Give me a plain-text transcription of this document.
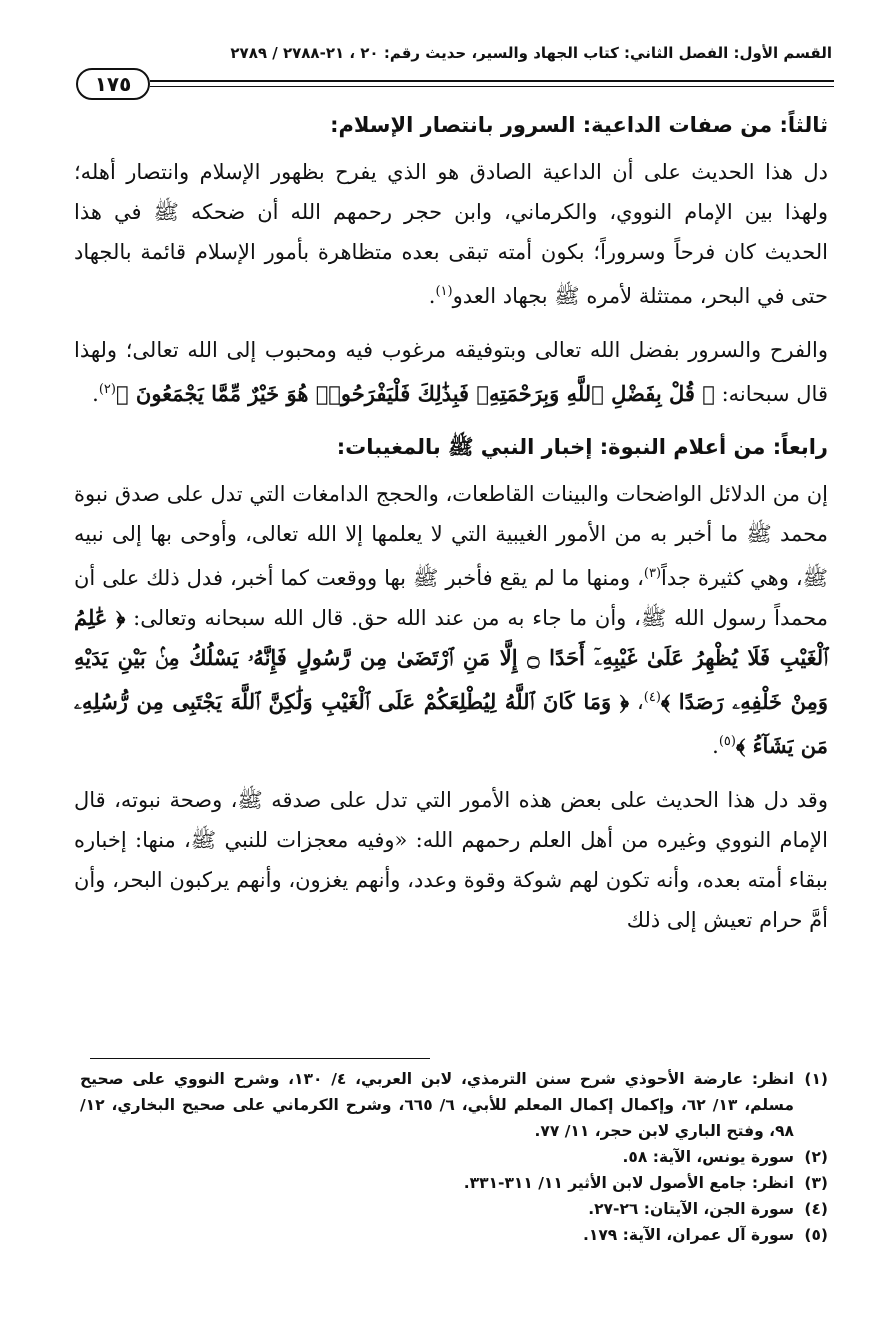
القسم الأول: الفصل الثاني: كتاب الجهاد والسير، حديث رقم: ٢٠ ، ٢١-٢٧٨٨ / ٢٧٨٩
١٧٥
ثالثاً: من صفات الداعية: السرور بانتصار الإسلام:

دل هذا الحديث على أن الداعية الصادق هو الذي يفرح بظهور الإسلام وانتصار أهله؛ ولهذا بين الإمام النووي، والكرماني، وابن حجر رحمهم الله أن ضحكه ﷺ في هذا الحديث كان فرحاً وسروراً؛ بكون أمته تبقى بعده متظاهرة بأمور الإسلام قائمة بالجهاد حتى في البحر، ممتثلة لأمره ﷺ بجهاد العدو$^{(١)}$.

والفرح والسرور بفضل الله تعالى وبتوفيقه مرغوب فيه ومحبوب إلى الله تعالى؛ ولهذا قال سبحانه: ﴿ قُلْ بِفَضْلِ ٱللَّهِ وَبِرَحْمَتِهِۦ فَبِذَٰلِكَ فَلْيَفْرَحُوا۟ هُوَ خَيْرٌ مِّمَّا يَجْمَعُونَ ﴾$^{(٢)}$.

رابعاً: من أعلام النبوة: إخبار النبي ﷺ بالمغيبات:

إن من الدلائل الواضحات والبينات القاطعات، والحجج الدامغات التي تدل على صدق نبوة محمد ﷺ ما أخبر به من الأمور الغيبية التي لا يعلمها إلا الله تعالى، وأوحى بها إلى نبيه ﷺ، وهي كثيرة جداً$^{(٣)}$، ومنها ما لم يقع فأخبر ﷺ بها ووقعت كما أخبر، فدل ذلك على أن محمداً رسول الله ﷺ، وأن ما جاء به من عند الله حق. قال الله سبحانه وتعالى: ﴿ عَٰلِمُ ٱلْغَيْبِ فَلَا يُظْهِرُ عَلَىٰ غَيْبِهِۦٓ أَحَدًا ۝ إِلَّا مَنِ ٱرْتَضَىٰ مِن رَّسُولٍ فَإِنَّهُۥ يَسْلُكُ مِنۢ بَيْنِ يَدَيْهِ وَمِنْ خَلْفِهِۦ رَصَدًا ﴾$^{(٤)}$، ﴿ وَمَا كَانَ ٱللَّهُ لِيُطْلِعَكُمْ عَلَى ٱلْغَيْبِ وَلَٰكِنَّ ٱللَّهَ يَجْتَبِى مِن رُّسُلِهِۦ مَن يَشَآءُ ﴾$^{(٥)}$.

وقد دل هذا الحديث على بعض هذه الأمور التي تدل على صدقه ﷺ، وصحة نبوته، قال الإمام النووي وغيره من أهل العلم رحمهم الله: «وفيه معجزات للنبي ﷺ، منها: إخباره ببقاء أمته بعده، وأنه تكون لهم شوكة وقوة وعدد، وأنهم يغزون، وأنهم يركبون البحر، وأن أمَّ حرام تعيش إلى ذلك

(١)
انظر: عارضة الأحوذي شرح سنن الترمذي، لابن العربي، ٤/ ١٣٠، وشرح النووي على صحيح مسلم، ١٣/ ٦٢، وإكمال إكمال المعلم للأبي، ٦/ ٦٦٥، وشرح الكرماني على صحيح البخاري، ١٢/ ٩٨، وفتح الباري لابن حجر، ١١/ ٧٧.
(٢)
سورة يونس، الآية: ٥٨.
(٣)
انظر: جامع الأصول لابن الأثير ١١/ ٣١١-٣٣١.
(٤)
سورة الجن، الآيتان: ٢٦-٢٧.
(٥)
سورة آل عمران، الآية: ١٧٩.
